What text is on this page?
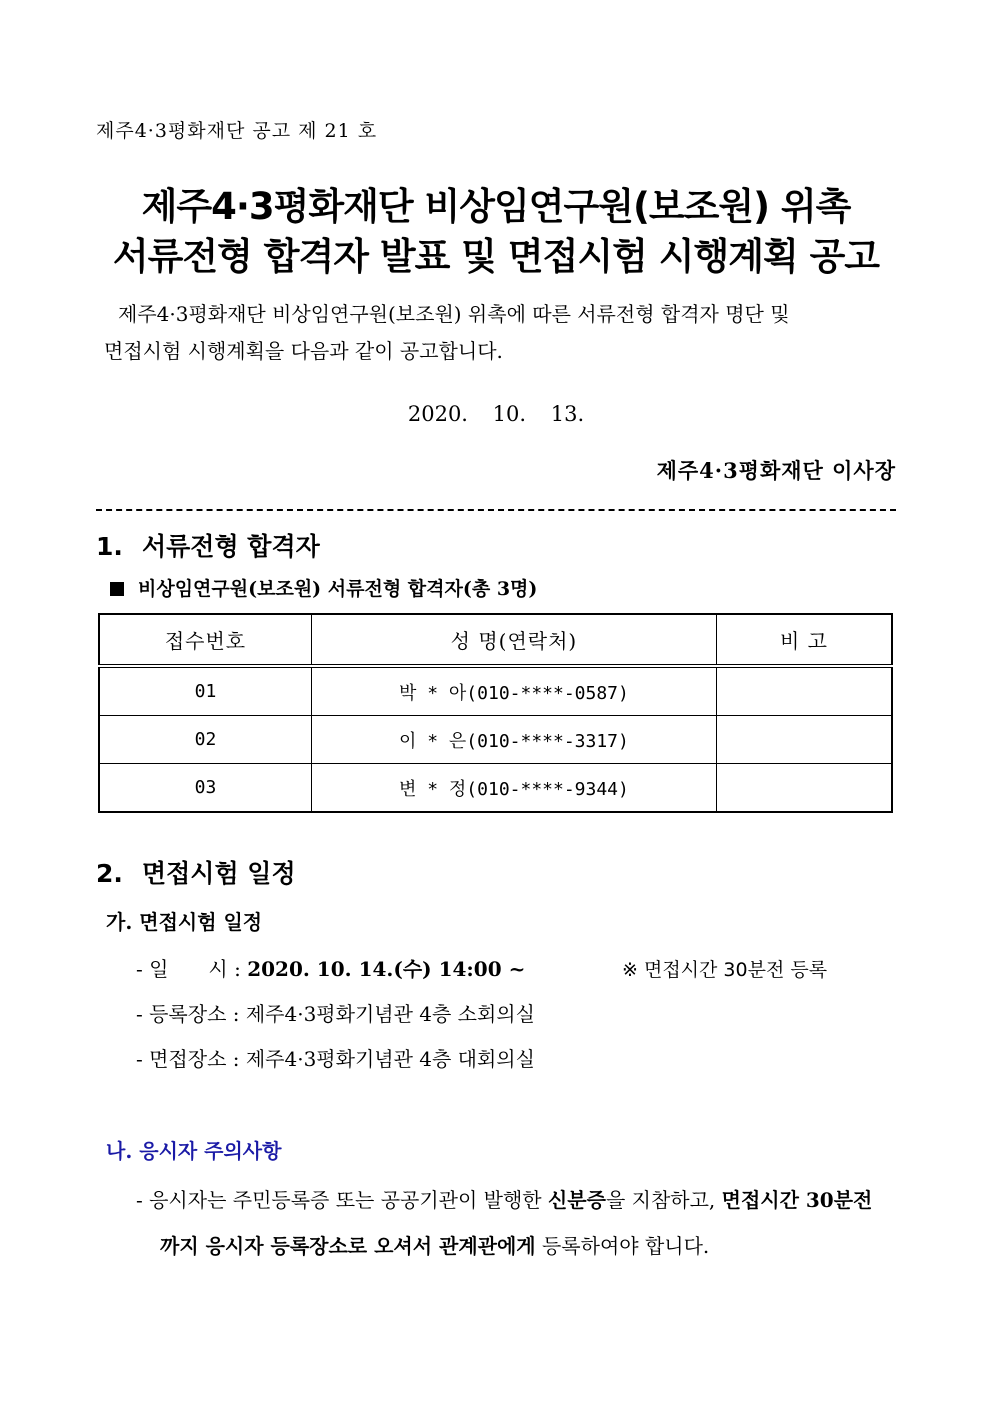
제주4·3평화재단 공고 제 21 호
제주4·3평화재단 비상임연구원(보조원) 위촉
서류전형 합격자 발표 및 면접시험 시행계획 공고
제주4·3평화재단 비상임연구원(보조원) 위촉에 따른 서류전형 합격자 명단 및
면접시험 시행계획을 다음과 같이 공고합니다.
2020. 10. 13.
제주4·3평화재단 이사장
1. 서류전형 합격자
비상임연구원(보조원) 서류전형 합격자(총 3명)
접수번호	성 명(연락처)	비 고
01	박 * 아(010-****-0587)	
02	이 * 은(010-****-3317)	
03	변 * 정(010-****-9344)	
2. 면접시험 일정
가. 면접시험 일정
- 일　　시 : 2020. 10. 14.(수) 14:00 ~	※ 면접시간 30분전 등록
- 등록장소 : 제주4·3평화기념관 4층 소회의실
- 면접장소 : 제주4·3평화기념관 4층 대회의실
나. 응시자 주의사항
- 응시자는 주민등록증 또는 공공기관이 발행한 신분증을 지참하고, 면접시간 30분전
까지 응시자 등록장소로 오셔서 관계관에게 등록하여야 합니다.
